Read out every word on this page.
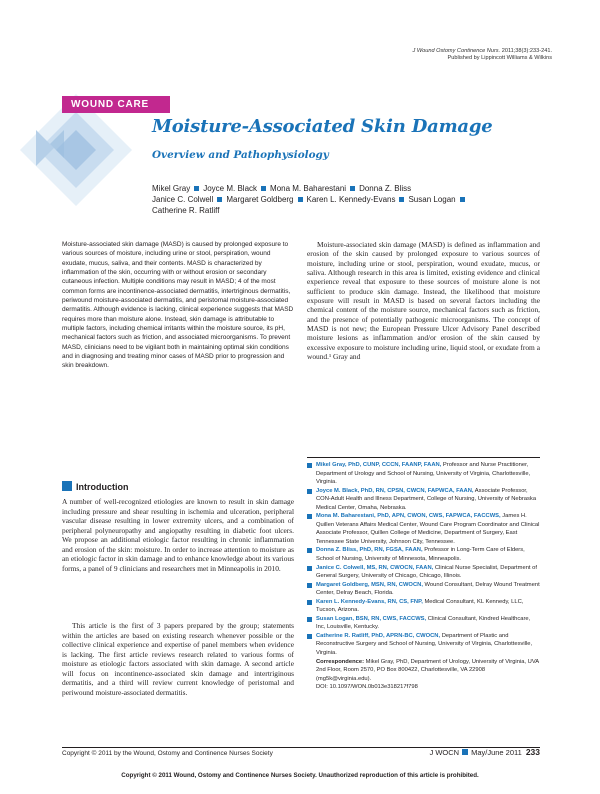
J Wound Ostomy Continence Nurs. 2011;38(3):233-241.
Published by Lippincott Williams & Wilkins
WOUND CARE
Moisture-Associated Skin Damage
Overview and Pathophysiology
Mikel Gray Joyce M. Black Mona M. Baharestani Donna Z. Bliss
Janice C. Colwell Margaret Goldberg Karen L. Kennedy-Evans Susan Logan
Catherine R. Ratliff

Moisture-associated skin damage (MASD) is caused by prolonged exposure to various sources of moisture, including urine or stool, perspiration, wound exudate, mucus, saliva, and their contents. MASD is characterized by inflammation of the skin, occurring with or without erosion or secondary cutaneous infection. Multiple conditions may result in MASD; 4 of the most common forms are incontinence-associated dermatitis, intertriginous dermatitis, periwound moisture-associated dermatitis, and peristomal moisture-associated dermatitis. Although evidence is lacking, clinical experience suggests that MASD requires more than moisture alone. Instead, skin damage is attributable to multiple factors, including chemical irritants within the moisture source, its pH, mechanical factors such as friction, and associated microorganisms. To prevent MASD, clinicians need to be vigilant both in maintaining optimal skin conditions and in diagnosing and treating minor cases of MASD prior to progression and skin breakdown.

Introduction

A number of well-recognized etiologies are known to result in skin damage including pressure and shear resulting in ischemia and ulceration, peripheral vascular disease resulting in lower extremity ulcers, and a combination of peripheral polyneuropathy and angiopathy resulting in diabetic foot ulcers. We propose an additional etiologic factor resulting in chronic inflammation and erosion of the skin: moisture. In order to increase attention to moisture as an etiologic factor in skin damage and to enhance knowledge about its various forms, a panel of 9 clinicians and researchers met in Minneapolis in 2010.

This article is the first of 3 papers prepared by the group; statements within the articles are based on existing research whenever possible or the collective clinical experience and expertise of panel members when evidence is lacking. The first article reviews research related to various forms of moisture as etiologic factors associated with skin damage. A second article will focus on incontinence-associated skin damage and intertriginous dermatitis, and a third will review current knowledge of peristomal and periwound moisture-associated dermatitis.

Moisture-associated skin damage (MASD) is defined as inflammation and erosion of the skin caused by prolonged exposure to various sources of moisture, including urine or stool, perspiration, wound exudate, mucus, or saliva. Although research in this area is limited, existing evidence and clinical experience reveal that exposure to these sources of moisture alone is not sufficient to produce skin damage. Instead, the likelihood that moisture exposure will result in MASD is based on several factors including the chemical content of the moisture source, mechanical factors such as friction, and the presence of potentially pathogenic microorganisms. The concept of MASD is not new; the European Pressure Ulcer Advisory Panel described moisture lesions as inflammation and/or erosion of the skin caused by excessive exposure to moisture including urine, liquid stool, or exudate from a wound.¹ Gray and

Mikel Gray, PhD, CUNP, CCCN, FAANP, FAAN, Professor and Nurse Practitioner, Department of Urology and School of Nursing, University of Virginia, Charlottesville, Virginia.
Joyce M. Black, PhD, RN, CPSN, CWCN, FAPWCA, FAAN, Associate Professor, CON-Adult Health and Illness Department, College of Nursing, University of Nebraska Medical Center, Omaha, Nebraska.
Mona M. Baharestani, PhD, APN, CWON, CWS, FAPWCA, FACCWS, James H. Quillen Veterans Affairs Medical Center, Wound Care Program Coordinator and Clinical Associate Professor, Quillen College of Medicine, Department of Surgery, East Tennessee State University, Johnson City, Tennessee.
Donna Z. Bliss, PhD, RN, FGSA, FAAN, Professor in Long-Term Care of Elders, School of Nursing, University of Minnesota, Minneapolis.
Janice C. Colwell, MS, RN, CWOCN, FAAN, Clinical Nurse Specialist, Department of General Surgery, University of Chicago, Chicago, Illinois.
Margaret Goldberg, MSN, RN, CWOCN, Wound Consultant, Delray Wound Treatment Center, Delray Beach, Florida.
Karen L. Kennedy-Evans, RN, CS, FNP, Medical Consultant, KL Kennedy, LLC, Tucson, Arizona.
Susan Logan, BSN, RN, CWS, FACCWS, Clinical Consultant, Kindred Healthcare, Inc, Louisville, Kentucky.
Catherine R. Ratliff, PhD, APRN-BC, CWOCN, Department of Plastic and Reconstructive Surgery and School of Nursing, University of Virginia, Charlottesville, Virginia.
Correspondence: Mikel Gray, PhD, Department of Urology, University of Virginia, UVA 2nd Floor, Room 2570, PO Box 800422, Charlottesville, VA 22908 (mg5k@virginia.edu).
DOI: 10.1097/WON.0b013e318217f798
Copyright © 2011 by the Wound, Ostomy and Continence Nurses Society	J WOCN May/June 2011 233
Copyright © 2011 Wound, Ostomy and Continence Nurses Society. Unauthorized reproduction of this article is prohibited.
